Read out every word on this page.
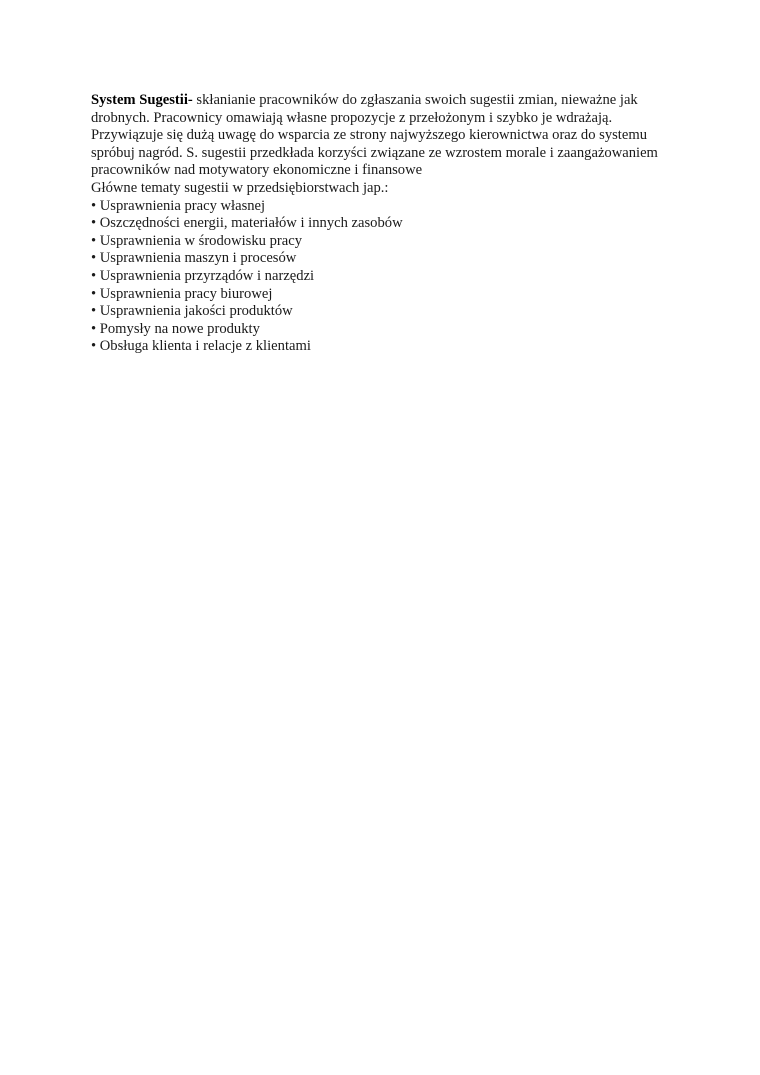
System Sugestii- skłanianie pracowników do zgłaszania swoich sugestii zmian, nieważne jak drobnych. Pracownicy omawiają własne propozycje z przełożonym i szybko je wdrażają. Przywiązuje się dużą uwagę do wsparcia ze strony najwyższego kierownictwa oraz do systemu spróbuj nagród. S. sugestii przedkłada korzyści związane ze wzrostem morale i zaangażowaniem pracowników nad motywatory ekonomiczne i finansowe

Główne tematy sugestii w przedsiębiorstwach jap.:

• Usprawnienia pracy własnej
• Oszczędności energii, materiałów i innych zasobów
• Usprawnienia w środowisku pracy
• Usprawnienia maszyn i procesów
• Usprawnienia przyrządów i narzędzi
• Usprawnienia pracy biurowej
• Usprawnienia jakości produktów
• Pomysły na nowe produkty
• Obsługa klienta i relacje z klientami
